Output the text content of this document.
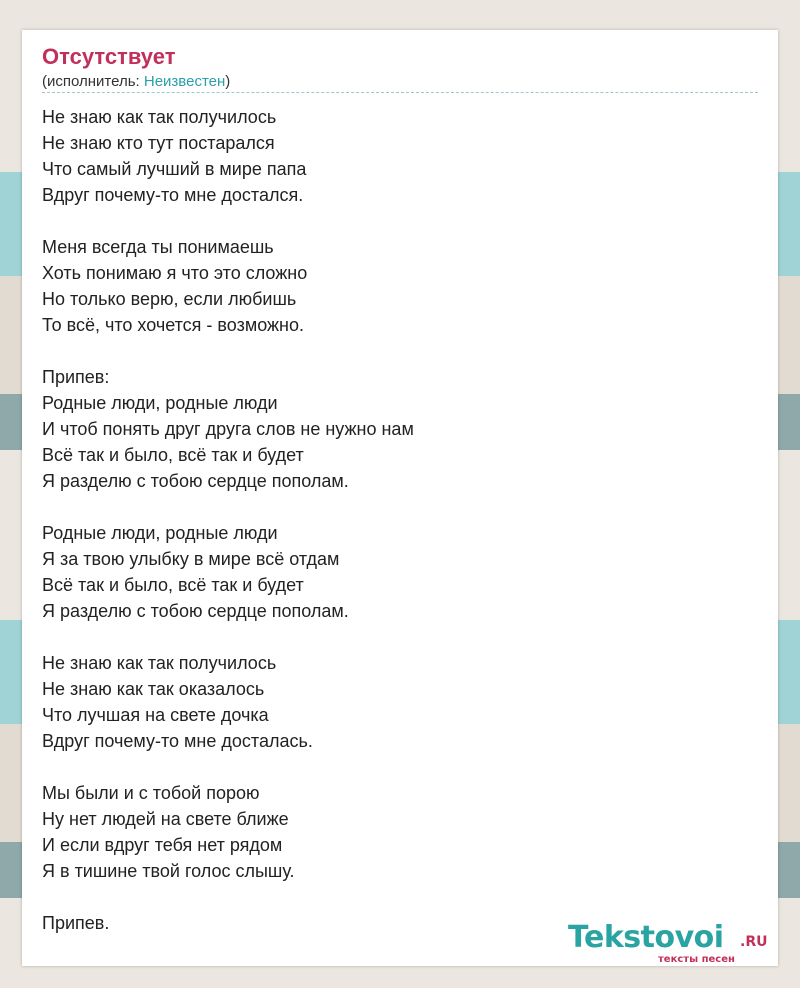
Отсутствует
(исполнитель: Неизвестен)
Не знаю как так получилось
Не знаю кто тут постарался
Что самый лучший в мире папа
Вдруг почему-то мне достался.
Меня всегда ты понимаешь
Хоть понимаю я что это сложно
Но только верю, если любишь
То всё, что хочется - возможно.
Припев:
Родные люди, родные люди
И чтоб понять друг друга слов не нужно нам
Всё так и было, всё так и будет
Я разделю с тобою сердце пополам.
Родные люди, родные люди
Я за твою улыбку в мире всё отдам
Всё так и было, всё так и будет
Я разделю с тобою сердце пополам.
Не знаю как так получилось
Не знаю как так оказалось
Что лучшая на свете дочка
Вдруг почему-то мне досталась.
Мы были и с тобой порою
Ну нет людей на свете ближе
И если вдруг тебя нет рядом
Я в тишине твой голос слышу.
Припев.	Tekstovoi .RU
тексты песен
